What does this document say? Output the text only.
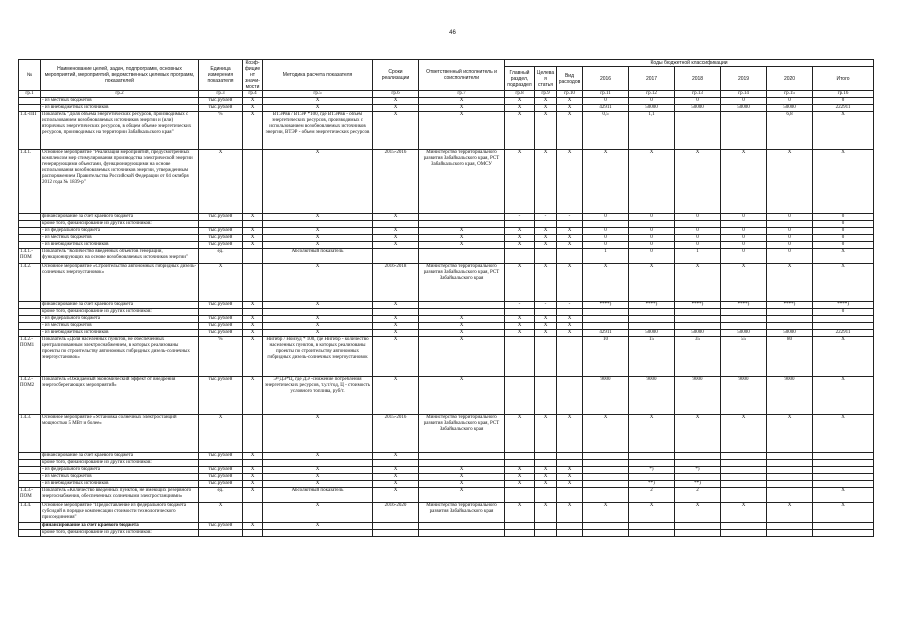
46
№	Наименование целей, задач, подпрограмм, основных мероприятий, мероприятий, ведомственных целевых программ, показателей	Единица измерения показателя	Коэф-фициент значи-мости	Методика расчета показателя	Сроки реализации	Ответственный исполнитель и соисполнители	Коды бюджетной классификации								
							Главный раздел, подраздел	Целевая статья	Вид расходов	2016	2017	2018	2019	2020	Итого
гр.1	гр.2	гр.3	гр.4	гр.5	гр.6	гр.7	гр.8	гр.9	гр.10	гр.11	гр.12	гр.13	гр.14	гр.15	гр.16
	- из местных бюджетов	тыс.рублей	X	X	X	X	X	X	X	0	0	0	0	0	0
	- из внебюджетных источников	тыс.рублей	X	X	X	X	X	X	X	42911	50000	50000	50000	50000	222911
1.4.-ПП	Показатель "Доля объема энергетических ресурсов, производимых с использованием возобновляемых источников энергии и (или) вторичных энергетических ресурсов, в общем объеме энергетических ресурсов, производимых на территории Забайкальского края"	%	X	ВТЭРвв / ВТЭР *100, где ВТЭРвв - объем энергетических ресурсов, производимых с использованием возобновляемых источников энергии, ВТЭР - объем энергетических ресурсов	X	X	X	X	X	0,5	1,1			6,8	X
1.4.1.	Основное мероприятие "Реализация мероприятий, предусмотренных комплексом мер стимулирования производства электрической энергии генерирующими объектами, функционирующими на основе использования возобновляемых источников энергии, утвержденным распоряжением Правительства Российской Федерации от 04 октября 2012 года № 1839-р"	X		X	2015-2016	Министерство территориального развития Забайкальского края, РСТ Забайкальского края, ОМСУ	X	X	X	X	X	X	X	X	X
	финансирование за счет краевого бюджета	тыс.рублей	X	X	X		-	-	-	0	0	0	0	0	0
	кроме того, финансирование из других источников:														0
	- из федерального бюджета	тыс.рублей	X	X	X	X	X	X	X	0	0	0	0	0	0
	- из местных бюджетов	тыс.рублей	X	X	X	X	X	X	X	0	0	0	0	0	0
	- из внебюджетных источников	тыс.рублей	X	X	X	X	X	X	X	0	0	0	0	0	0
1.4.1.-ПОМ	Показатель "Количество введенных объектов генерации, функционирующих на основе возобновляемых источников энергии"	ед.		Абсолютный показатель						1	0	1	0	0	X
1.4.2.	Основное мероприятие «Строительство автономных гибридных дизель-солнечных энергоустановок»	X		X	2016-2018	Министерство территориального развития Забайкальского края, РСТ Забайкальского края	X	X	X	X	X	X	X	X	X
	финансирование за счет краевого бюджета	тыс.рублей	X	X	X		-	-	-	****)	****)	****)	****)	****)	****)
	кроме того, финансирование из других источников:														0
	- из федерального бюджета	тыс.рублей	X	X	X	X	X	X	X						
	- из местных бюджетов	тыс.рублей	X	X	X	X	X	X	X						
	- из внебюджетных источников	тыс.рублей	X	X	X	X	X	X	X	42911	50000	50000	50000	50000	222911
1.4.2.-ПОМ1	Показатель «Доля населенных пунктов, не обеспеченных централизованным электроснабжением, в которых реализованы проекты по строительству автономных гибридных дизель-солнечных энергоустановок»	%	X	Нигибр / Ноизуд * 100, где Нигибр - количество населенных пунктов, в которых реализованы проекты по строительству автономных гибридных дизель-солнечных энергоустановок	X	X				10	15	35	55	80	X
1.4.2.-ПОМ2	Показатель «Ожидаемый экономический эффект от внедрения энергосберегающих мероприятий»	тыс.рублей	X	Э=ДЭ*Ц, где ДЭ -снижение потребления энергетических ресурсов, т.у.т/год, Ц - стоимость условного топлива, руб/т.	X	X				9000	9000	9000	9000	9000	X
1.4.3.	Основное мероприятие «Установка солнечных электростанций мощностью 5 МВт и более»	X		X	2015-2016	Министерство территориального развития Забайкальского края, РСТ Забайкальского края	X	X	X	X	X	X	X	X	X
	финансирование за счет краевого бюджета	тыс.рублей	X	X	X										
	кроме того, финансирование из других источников:														
	- из федерального бюджета	тыс.рублей	X	X	X	X	X	X	X		*)	*)			
	- из местных бюджетов	тыс.рублей	X	X	X	X	X	X	X						
	- из внебюджетных источников	тыс.рублей	X	X	X	X	X	X	X		**)	**)			
1.4.3.-ПОМ	Показатель «Количество введенных пунктов, не имеющих резервного энергоснабжения, обеспеченных солнечными электростанциями»	ед.	X	Абсолютный показатель	X	X					2	2			X
1.4.4.	Основное мероприятие "Предоставление из федерального бюджета субсидий в порядке компенсации стоимости технологического присоединения"	X		X	2016-2020	Министерство территориального развития Забайкальского края	X	X	X	X	X	X	X	X	X
	финансирование за счет краевого бюджета	тыс.рублей	X	X											
	кроме того, финансирование из других источников:														
